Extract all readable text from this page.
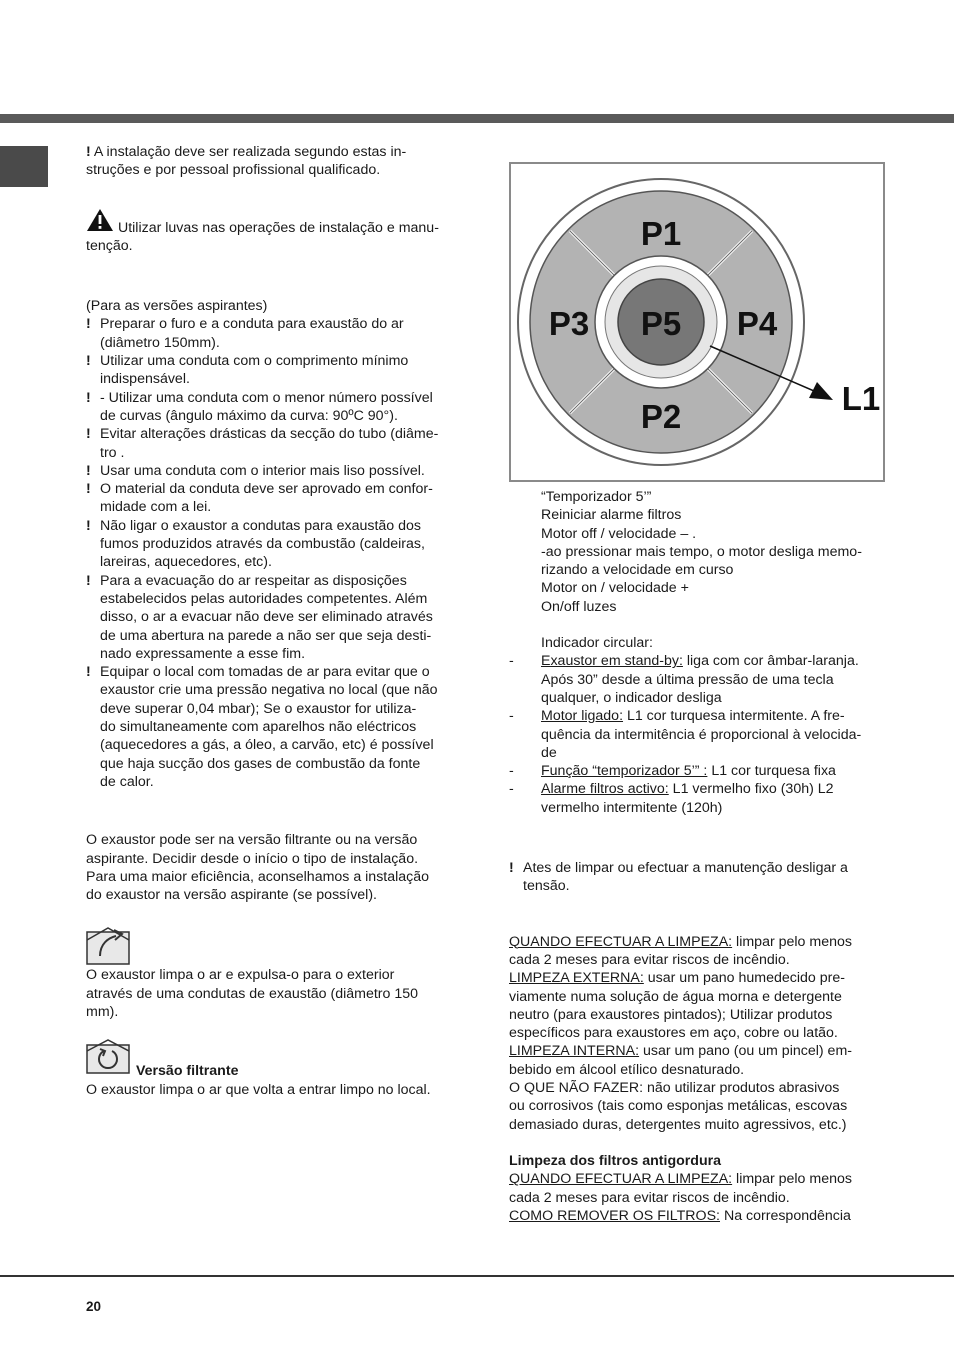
! A instalação deve ser realizada segundo estas in-

struções e por pessoal profissional qualificado.

Utilizar luvas nas operações de instalação e manu-

tenção.

(Para as versões aspirantes)

! Preparar o furo e a conduta para exaustão do ar
(diâmetro 150mm).
! Utilizar uma conduta com o comprimento mínimo
indispensável.
! - Utilizar uma conduta com o menor número possível
de curvas (ângulo máximo da curva: 90ºC 90°).
! Evitar alterações drásticas da secção do tubo (diâme-
tro .
! Usar uma conduta com o interior mais liso possível.
! O material da conduta deve ser aprovado em confor-
midade com a lei.
! Não ligar o exaustor a condutas para exaustão dos
fumos produzidos através da combustão (caldeiras,
lareiras, aquecedores, etc).
! Para a evacuação do ar respeitar as disposições
estabelecidos pelas autoridades competentes. Além
disso, o ar a evacuar não deve ser eliminado através
de uma abertura na parede a não ser que seja desti-
nado expressamente a esse fim.
! Equipar o local com tomadas de ar para evitar que o
exaustor crie uma pressão negativa no local (que não
deve superar 0,04 mbar); Se o exaustor for utiliza-
do simultaneamente com aparelhos não eléctricos
(aquecedores a gás, a óleo, a carvão, etc) é possível
que haja sucção dos gases de combustão da fonte
de calor.

O exaustor pode ser na versão filtrante ou na versão

aspirante. Decidir desde o início o tipo de instalação.

Para uma maior eficiência, aconselhamos a instalação

do exaustor na versão aspirante (se possível).

O exaustor limpa o ar e expulsa-o para o exterior

através de uma condutas de exaustão (diâmetro 150

mm).

Versão filtrante

O exaustor limpa o ar que volta a entrar limpo no local.

P1
P2
P3	P4
P5
L1

“Temporizador 5’”

Reiniciar alarme filtros

Motor off / velocidade – .

-ao pressionar mais tempo, o motor desliga memo-

rizando a velocidade em curso

Motor on / velocidade +

On/off luzes

Indicador circular:

- Exaustor em stand-by: liga com cor âmbar-laranja.
Após 30” desde a última pressão de uma tecla
qualquer, o indicador desliga
- Motor ligado: L1 cor turquesa intermitente. A fre-
quência da intermitência é proporcional à velocida-
de
- Função “temporizador 5’” : L1 cor turquesa fixa
- Alarme filtros activo: L1 vermelho fixo (30h) L2
vermelho intermitente (120h)
! Ates de limpar ou efectuar a manutenção desligar a
tensão.

QUANDO EFECTUAR A LIMPEZA: limpar pelo menos

cada 2 meses para evitar riscos de incêndio.

LIMPEZA EXTERNA: usar um pano humedecido pre-

viamente numa solução de água morna e detergente

neutro (para exaustores pintados); Utilizar produtos

específicos para exaustores em aço, cobre ou latão.

LIMPEZA INTERNA: usar um pano (ou um pincel) em-

bebido em álcool etílico desnaturado.

O QUE NÃO FAZER: não utilizar produtos abrasivos

ou corrosivos (tais como esponjas metálicas, escovas

demasiado duras, detergentes muito agressivos, etc.)

Limpeza dos filtros antigordura

QUANDO EFECTUAR A LIMPEZA: limpar pelo menos

cada 2 meses para evitar riscos de incêndio.

COMO REMOVER OS FILTROS: Na correspondência

20
